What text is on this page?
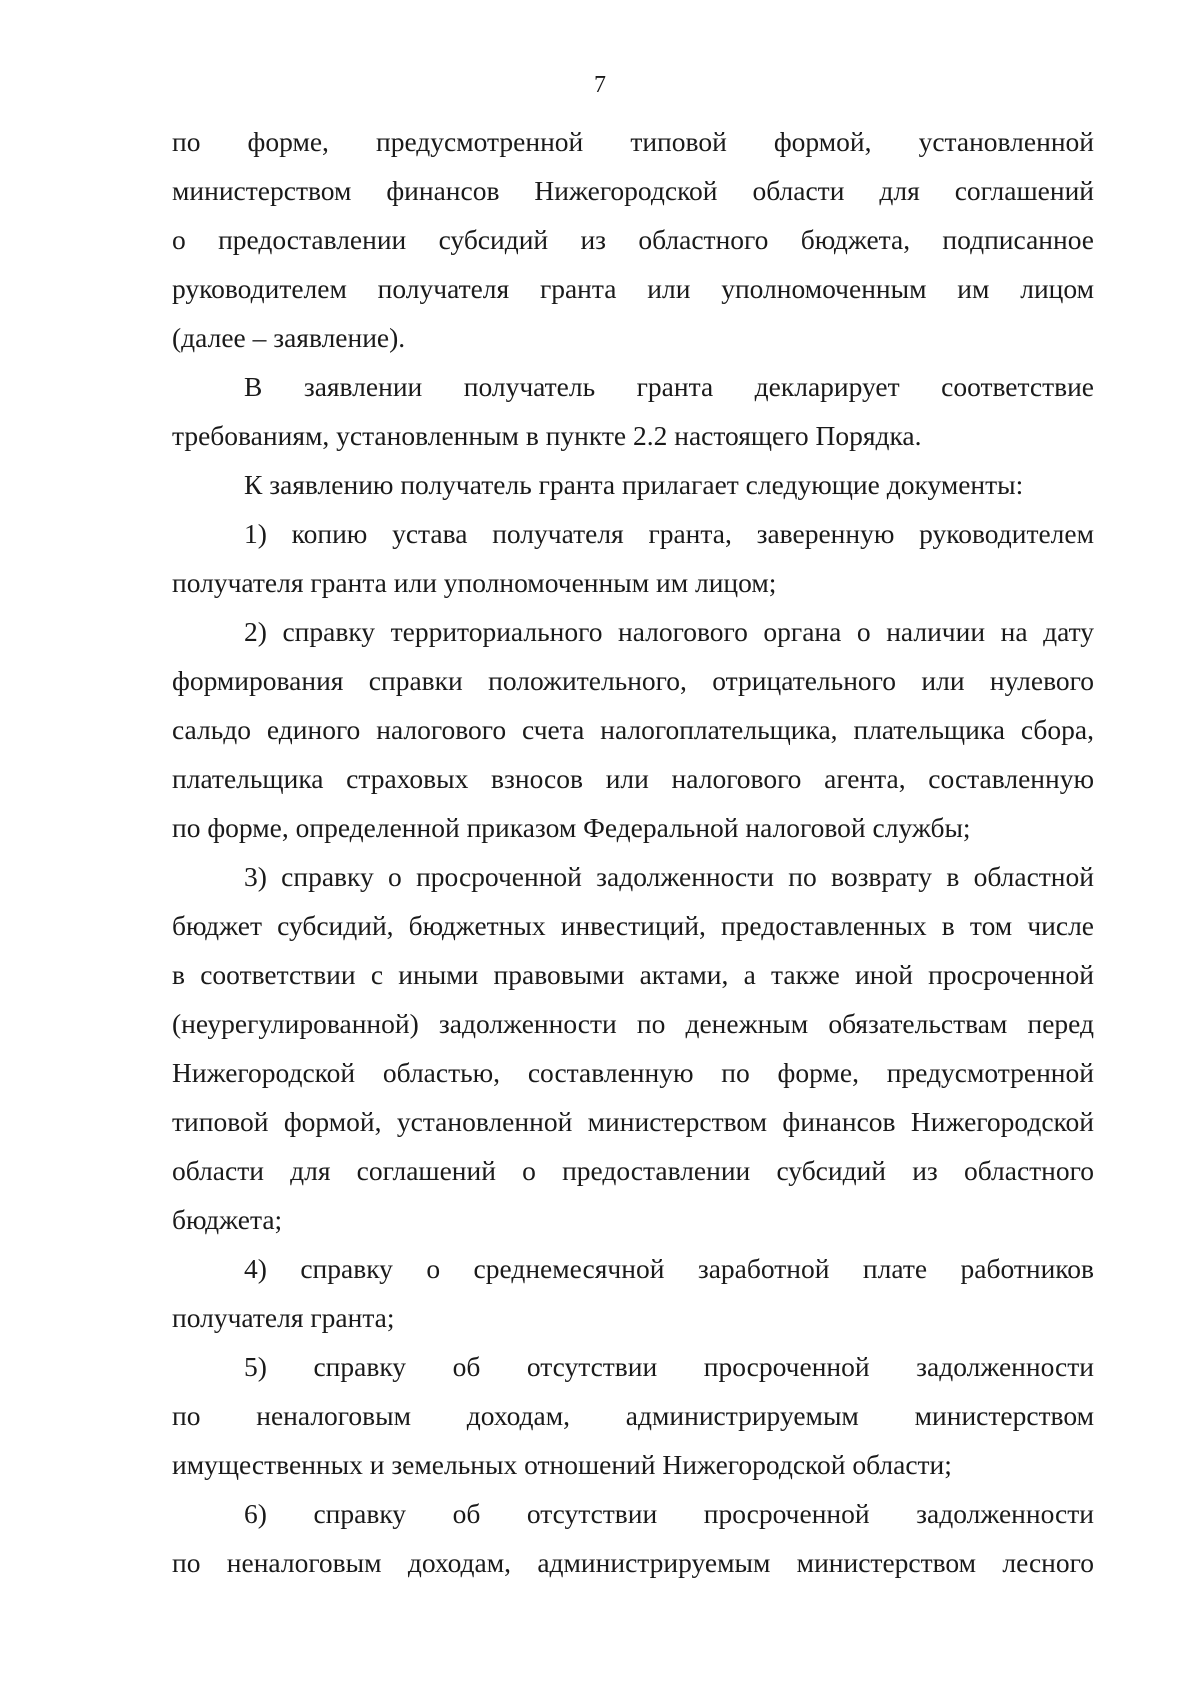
7
по форме, предусмотренной типовой формой, установленной
министерством финансов Нижегородской области для соглашений
о предоставлении субсидий из областного бюджета, подписанное
руководителем получателя гранта или уполномоченным им лицом
(далее – заявление).
В заявлении получатель гранта декларирует соответствие
требованиям, установленным в пункте 2.2 настоящего Порядка.
К заявлению получатель гранта прилагает следующие документы:
1) копию устава получателя гранта, заверенную руководителем
получателя гранта или уполномоченным им лицом;
2) справку территориального налогового органа о наличии на дату
формирования справки положительного, отрицательного или нулевого
сальдо единого налогового счета налогоплательщика, плательщика сбора,
плательщика страховых взносов или налогового агента, составленную
по форме, определенной приказом Федеральной налоговой службы;
3) справку о просроченной задолженности по возврату в областной
бюджет субсидий, бюджетных инвестиций, предоставленных в том числе
в соответствии с иными правовыми актами, а также иной просроченной
(неурегулированной) задолженности по денежным обязательствам перед
Нижегородской областью, составленную по форме, предусмотренной
типовой формой, установленной министерством финансов Нижегородской
области для соглашений о предоставлении субсидий из областного
бюджета;
4) справку о среднемесячной заработной плате работников
получателя гранта;
5) справку об отсутствии просроченной задолженности
по неналоговым доходам, администрируемым министерством
имущественных и земельных отношений Нижегородской области;
6) справку об отсутствии просроченной задолженности
по неналоговым доходам, администрируемым министерством лесного
